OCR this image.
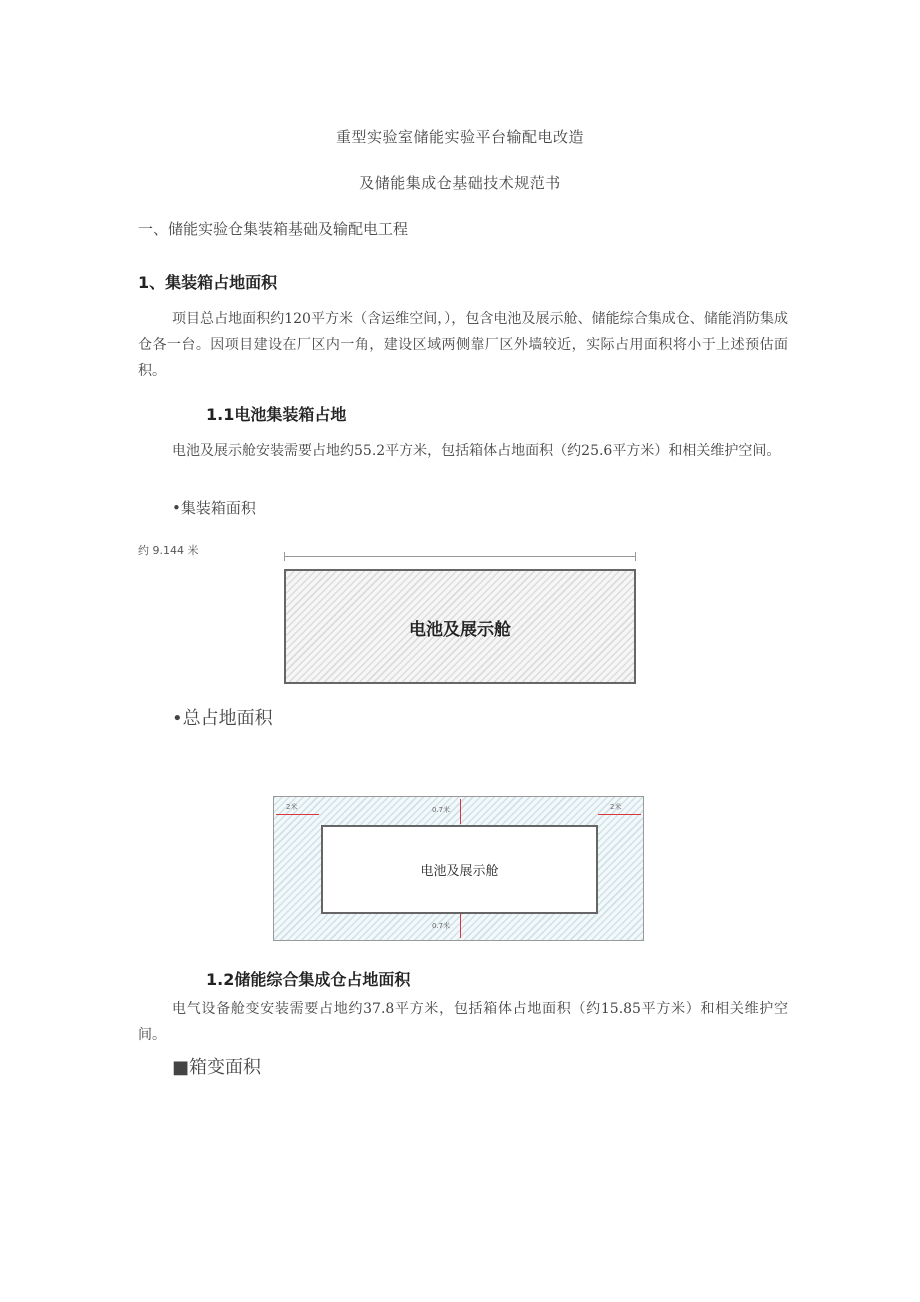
重型实验室储能实验平台输配电改造

及储能集成仓基础技术规范书

一、储能实验仓集装箱基础及输配电工程

1、集装箱占地面积

项目总占地面积约120平方米（含运维空间，），包含电池及展示舱、储能综合集成仓、储能消防集成仓各一台。因项目建设在厂区内一角，建设区域两侧靠厂区外墙较近，实际占用面积将小于上述预估面积。

1.1电池集装箱占地

电池及展示舱安装需要占地约55.2平方米，包括箱体占地面积（约25.6平方米）和相关维护空间。

•集装箱面积

约 9.144 米

电池及展示舱

•总占地面积

电池及展示舱
2米	2米
0.7米
0.7米

1.2储能综合集成仓占地面积

电气设备舱变安装需要占地约37.8平方米，包括箱体占地面积（约15.85平方米）和相关维护空间。

■箱变面积
